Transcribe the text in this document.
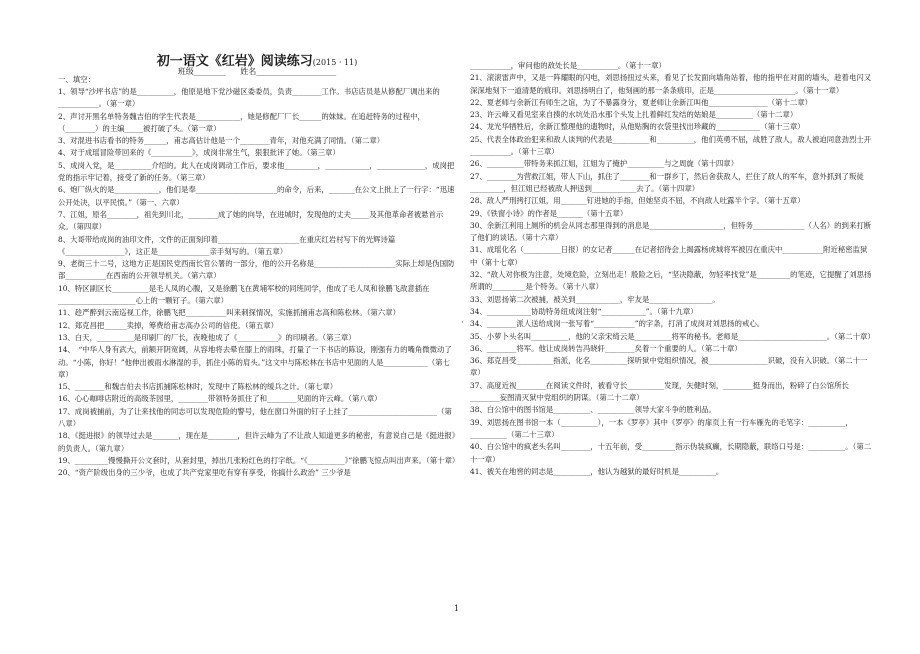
初一语文《红岩》阅读练习(2015 · 11)
班级________ 姓名____________________
一、填空：

1、领导“沙坪书店”的是__________，他原是地下党沙磁区委委员，负责________工作。书店店员是从修配厂调出来的___________。（第一章）

2、声讨开黑名单特务魏吉伯的学生代表是____________，她是修配厂厂长______的妹妹。在追赶特务的过程中，（________）的主编_____被打破了头。（第一章）

3、对混进书店看书的特务______，甫志高估计他是一个________青年，对他充满了同情。（第二章）

4、对于成瑶冒险带回来的《___________》，成岗非常生气，狠狠批评了她。（第三章）

5、成岗入党，是__________介绍的。此人在成岗调动工作后，要求他_________，____________，_____________，成岗把党的指示牢记着，接受了新的任务。（第三章）

6、炮厂纵火的是____________，他们是奉______________________的命令，后来，_______在公文上批上了一行字：“迅速公开处决，以平民愤。”（第一、六章）

7、江姐，原名________，祖先到川北，________成了她的向导，在进城时，发现他的丈夫_____及其他革命者被悬首示众。（第四章）

8、大哥带给成岗的油印文件，文件的正面刻印着______________________在重庆红岩村写下的光辉诗篇《________________》，这正是______________亲手刻写的。（第五章）

9、老街三十二号，这地方正是国民党西南长官公署的一部分，他的公开名称是______________________实际上却是伪国防部___________在西南的公开领导机关。（第六章）

10、特区副区长__________是毛人凤的心腹，又是徐鹏飞在黄埔军校的同班同学，他成了毛人凤和徐鹏飞敌意插在_____________________心上的一颗钉子。（第六章）

11、趁严醉到云南巡视工作，徐鹏飞把___________叫来刺探情况，实施抓捕甫志高和陈松林。（第六章）

12、郑克昌把______卖掉，筹费给甫志高办公司的信使。（第五章）

13、白天，__________是印刷厂的厂长，夜晚他成了《___________》的印刷者。（第三章）

14、　“中华人身有武大，前额开阴宽阔，从容地将去晕在膝上的雨珠，打量了一下书店的陈设，刚强有力的嘴角微微动了动。“小陈，你好！”他伸出被雨水淋湿的手，抓住小陈的肩头。”这文中与陈松林在书店中见面的人是____________（第七章）

15、________和魏吉伯去书店抓捕陈松林时，发现中了陈松林的缓兵之计。（第七章）

16、心心咖啡店附近的高级茶园里，________带领特务抓住了和________见面的许云峰。（第八章）

17、成岗被捕前，为了让来找他的同志可以发现危险的警号，他在窗口外面的钉子上挂了________________________（第八章）

18、《挺进报》的领导过去是_______，现在是________，但许云峰为了不让敌人知道更多的秘密，有意说自己是《挺进报》的负责人。（第九章）

19、_________慢慢撕开公文套时，从套封里，掉出几张粉红色的打字纸。“《__________》”徐鹏飞惊点叫出声来。（第十章）

20、“资产阶级出身的三少爷，也成了共产党家里吃有穿有享受，你搞什么政治” 三少爷是

___________，审问他的敌处长是___________。（第十一章）

21、滚滚雷声中，又是一阵耀眼的闪电，刘思扬扭过头来，看见了长发面向墙角站着，他的指甲在对面的墙头，趁着电闪又深深地刻下一道清楚的痕印。刘思扬明白了，他刻画的那一条条痕印，正是______________________。（第十一章）

22、夏老师与余新江有师生之谊，为了不暴露身分，夏老师让余新江叫他________________（第十二章）

23、许云峰又看见室来自揍的水坑处沿水那个头发上扎着鲜红发结的姑娘是__________（第十二章）

24、龙光华牺牲后，余新江整理他的遗物时，从他贴胸的衣袋里找出珍藏的____________（第十三章）

25、代表全体政治犯来和敌人谈判的代表是__________和__________，他们英勇不屈，战胜了敌人，敌人被迫同意劲烈士开___________。（第十三章）

26、__________带特务来抓江姐，江姐为了掩护__________与之周旋（第十四章）

27、________为营救江姐，带人下山，抓住了________和一群乡丁，然后舍获敌人，拦住了敌人的军车，意外抓到了叛徒_________，但江姐已经被敌人押送到____________去了。（第十四章）

28、敌人严刑拷打江姐，用_______钉进她的手指，但她坚贞不屈，不向敌人吐露半个字。（第十五章）

29、《铁窗小诗》的作者是_______（第十五章）

30、余新江利用上厕所的机会从同志那里得到的消息是____________________，但特务______________（人名）的到来打断了他们的谈话。（第十六章）

31、成瑶化名（__________日报）的女记者______在记者招待会上揭露杨虎城将军被囚在重庆中___________附近秘密监狱中（第十七章）

32、“敌人对你极为注意，处境危险，立刻出走！殷险之后，“坚决隐蔽，勿轻率找党”是_________的笔迹，它提醒了刘思扬所谓的_________是个特务。（第十八章）

33、刘思扬第二次被捕，被关到____________，牢友是_________________。

34、____________协助特务纽成岗注射“____________”。（第十九章）

34、________派人送给成岗一张写着“___________”的字条，打消了成岗对刘思扬的戒心。

35、小萝卜头名叫__________，他的父亲宋绮云是__________将军的秘书。老师是________________________。（第二十章）

36、________将军。他让成岗转告冯晓轩________矣着一个重要的人。（第二十章）

36、郑克昌受__________指派，化名__________探听狱中党组织情况，被________________识破，没有入识破。（第二十一章）

37、高度近视________在阅读文件时，被看守长__________发现，矢健时刻，________挺身而出，粉碎了白公馆所长________妄图清灭狱中党组织的阴谋。（第二十二章）

38、白公馆中的图书馆是__________、__________领导大家斗争的胜利品。

39、刘思扬在图书馆一本（__________），一本《罗亭》其中《罗亭》的扉页上有一行车雁先的毛笔字：__________，__________（第二十三章）

40、白公馆中的疯老头名叫________，十五年前，受_________指示伪装疯癫，长期隐蔽，联络口号是：__________。（第二十一章）

41、被关在地窖的同志是__________，他认为越狱的最好时机是__________。

·
1
